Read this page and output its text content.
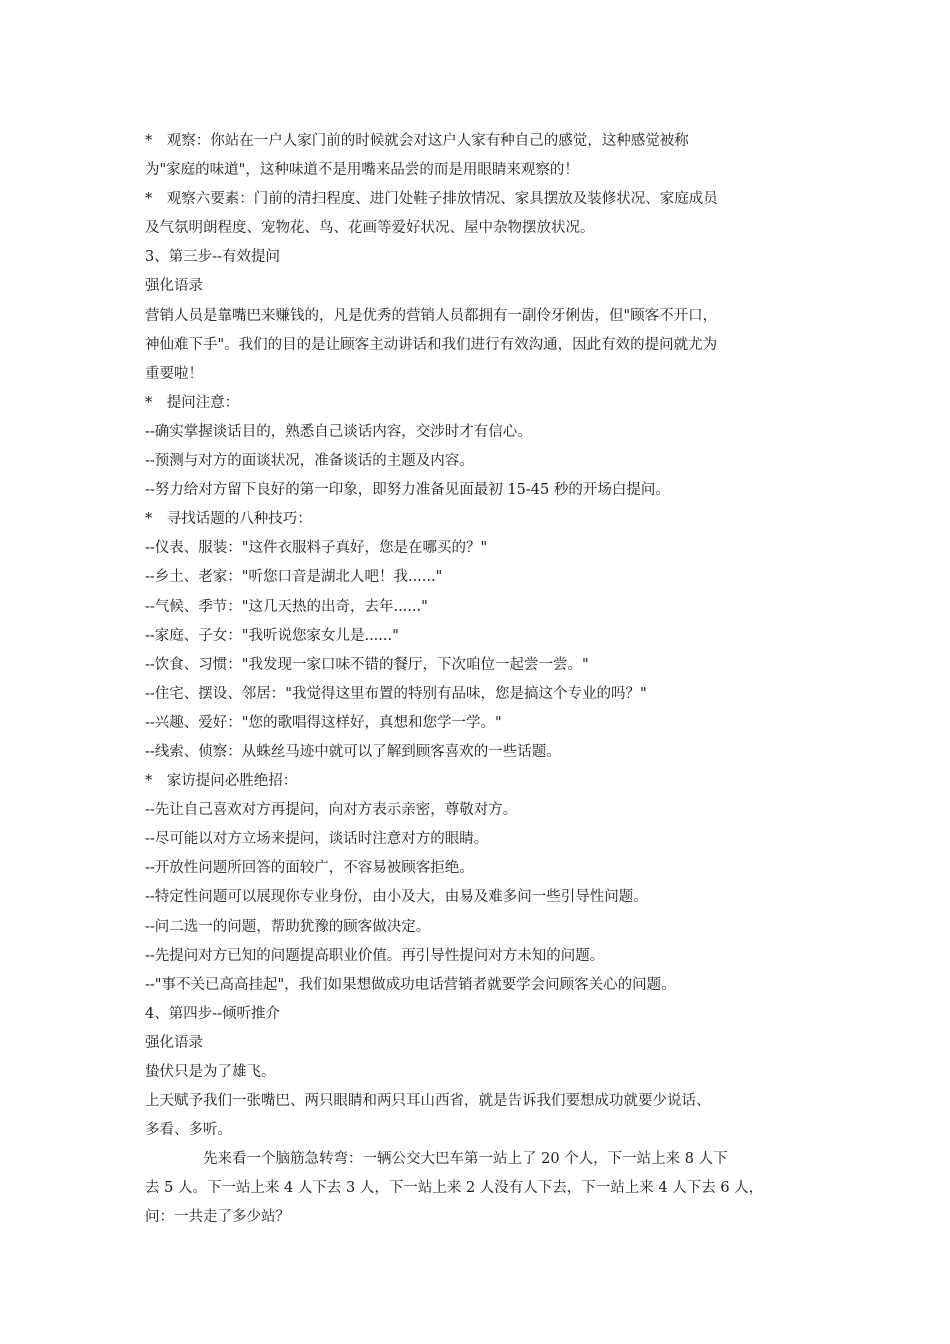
*　观察：你站在一户人家门前的时候就会对这户人家有种自己的感觉，这种感觉被称
为"家庭的味道"，这种味道不是用嘴来品尝的而是用眼睛来观察的！
*　观察六要素：门前的清扫程度、进门处鞋子排放情况、家具摆放及装修状况、家庭成员
及气氛明朗程度、宠物花、鸟、花画等爱好状况、屋中杂物摆放状况。
3、第三步--有效提问
强化语录
营销人员是靠嘴巴来赚钱的，凡是优秀的营销人员都拥有一副伶牙俐齿，但"顾客不开口，
神仙难下手"。我们的目的是让顾客主动讲话和我们进行有效沟通，因此有效的提问就尤为
重要啦！
*　提问注意：
--确实掌握谈话目的，熟悉自己谈话内容，交涉时才有信心。
--预测与对方的面谈状况，准备谈话的主题及内容。
--努力给对方留下良好的第一印象，即努力准备见面最初 15-45 秒的开场白提问。
*　寻找话题的八种技巧：
--仪表、服装："这件衣服料子真好，您是在哪买的？"
--乡土、老家："听您口音是湖北人吧！我......"
--气候、季节："这几天热的出奇，去年......"
--家庭、子女："我听说您家女儿是......"
--饮食、习惯："我发现一家口味不错的餐厅，下次咱位一起尝一尝。"
--住宅、摆设、邻居："我觉得这里布置的特别有品味，您是搞这个专业的吗？"
--兴趣、爱好："您的歌唱得这样好，真想和您学一学。"
--线索、侦察：从蛛丝马迹中就可以了解到顾客喜欢的一些话题。
*　家访提问必胜绝招：
--先让自己喜欢对方再提问，向对方表示亲密，尊敬对方。
--尽可能以对方立场来提问，谈话时注意对方的眼睛。
--开放性问题所回答的面较广，不容易被顾客拒绝。
--特定性问题可以展现你专业身份，由小及大，由易及难多问一些引导性问题。
--问二选一的问题，帮助犹豫的顾客做决定。
--先提问对方已知的问题提高职业价值。再引导性提问对方未知的问题。
--"事不关已高高挂起"，我们如果想做成功电话营销者就要学会问顾客关心的问题。
4、第四步--倾听推介
强化语录
蛰伏只是为了雄飞。
上天赋予我们一张嘴巴、两只眼睛和两只耳山西省，就是告诉我们要想成功就要少说话、
多看、多听。
先来看一个脑筋急转弯：一辆公交大巴车第一站上了 20 个人，下一站上来 8 人下
去 5 人。下一站上来 4 人下去 3 人，下一站上来 2 人没有人下去，下一站上来 4 人下去 6 人，
问：一共走了多少站？
